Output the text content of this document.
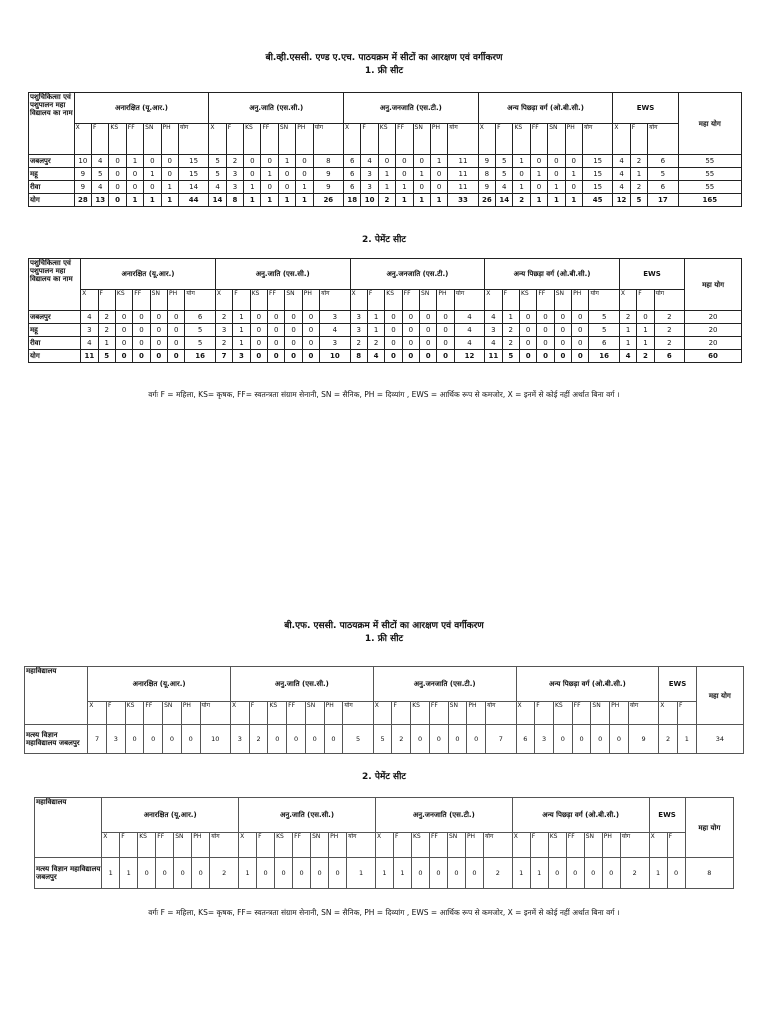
बी.व्ही.एससी. एण्ड ए.एच. पाठयक्रम में सीटों का आरक्षण एवं वर्गीकरण
1. फ्री सीट
पशुचिकित्सा एवं पशुपालन महा विद्यालय का नाम	अनारक्षित (यू.आर.)							अनु.जाति (एस.सी.)							अनु.जनजाति (एस.टी.)							अन्य पिछड़ा वर्ग (ओ.बी.सी.)							EWS			महा योग
	X	F	KS	FF	SN	PH	योग	X	F	KS	FF	SN	PH	योग	X	F	KS	FF	SN	PH	योग	X	F	KS	FF	SN	PH	योग	X	F	योग	
जबलपुर	10	4	0	1	0	0	15	5	2	0	0	1	0	8	6	4	0	0	0	1	11	9	5	1	0	0	0	15	4	2	6	55
महू	9	5	0	0	1	0	15	5	3	0	1	0	0	9	6	3	1	0	1	0	11	8	5	0	1	0	1	15	4	1	5	55
रीवा	9	4	0	0	0	1	14	4	3	1	0	0	1	9	6	3	1	1	0	0	11	9	4	1	0	1	0	15	4	2	6	55
योग	28	13	0	1	1	1	44	14	8	1	1	1	1	26	18	10	2	1	1	1	33	26	14	2	1	1	1	45	12	5	17	165
2. पेमेंट सीट
पशुचिकित्सा एवं पशुपालन महा विद्यालय का नाम	अनारक्षित (यू.आर.)							अनु.जाति (एस.सी.)							अनु.जनजाति (एस.टी.)							अन्य पिछड़ा वर्ग (ओ.बी.सी.)							EWS			महा योग
	X	F	KS	FF	SN	PH	योग	X	F	KS	FF	SN	PH	योग	X	F	KS	FF	SN	PH	योग	X	F	KS	FF	SN	PH	योग	X	F	योग	
जबलपुर	4	2	0	0	0	0	6	2	1	0	0	0	0	3	3	1	0	0	0	0	4	4	1	0	0	0	0	5	2	0	2	20
महू	3	2	0	0	0	0	5	3	1	0	0	0	0	4	3	1	0	0	0	0	4	3	2	0	0	0	0	5	1	1	2	20
रीवा	4	1	0	0	0	0	5	2	1	0	0	0	0	3	2	2	0	0	0	0	4	4	2	0	0	0	0	6	1	1	2	20
योग	11	5	0	0	0	0	16	7	3	0	0	0	0	10	8	4	0	0	0	0	12	11	5	0	0	0	0	16	4	2	6	60
वर्गः F = महिला, KS= कृषक, FF= स्वतन्त्रता संग्राम सेनानी, SN = सैनिक, PH = दिव्यांग , EWS = आर्थिक रूप से कमजोर, X = इनमें से कोई नहीं अर्थात बिना वर्ग ।
बी.एफ. एससी. पाठयक्रम में सीटों का आरक्षण एवं वर्गीकरण
1. फ्री सीट
महाविद्यालय	अनारक्षित (यू.आर.)							अनु.जाति (एस.सी.)							अनु.जनजाति (एस.टी.)							अन्य पिछड़ा वर्ग (ओ.बी.सी.)							EWS		महा योग
	X	F	KS	FF	SN	PH	योग	X	F	KS	FF	SN	PH	योग	X	F	KS	FF	SN	PH	योग	X	F	KS	FF	SN	PH	योग	X	F	
मत्स्य विज्ञान महाविद्यालय जबलपुर	7	3	0	0	0	0	10	3	2	0	0	0	0	5	5	2	0	0	0	0	7	6	3	0	0	0	0	9	2	1	34
2. पेमेंट सीट
महाविद्यालय	अनारक्षित (यू.आर.)							अनु.जाति (एस.सी.)							अनु.जनजाति (एस.टी.)							अन्य पिछड़ा वर्ग (ओ.बी.सी.)							EWS		महा योग
	X	F	KS	FF	SN	PH	योग	X	F	KS	FF	SN	PH	योग	X	F	KS	FF	SN	PH	योग	X	F	KS	FF	SN	PH	योग	X	F	
मत्स्य विज्ञान महाविद्यालय जबलपुर	1	1	0	0	0	0	2	1	0	0	0	0	0	1	1	1	0	0	0	0	2	1	1	0	0	0	0	2	1	0	8
वर्गः F = महिला, KS= कृषक, FF= स्वतन्त्रता संग्राम सेनानी, SN = सैनिक, PH = दिव्यांग , EWS = आर्थिक रूप से कमजोर, X = इनमें से कोई नहीं अर्थात बिना वर्ग ।
